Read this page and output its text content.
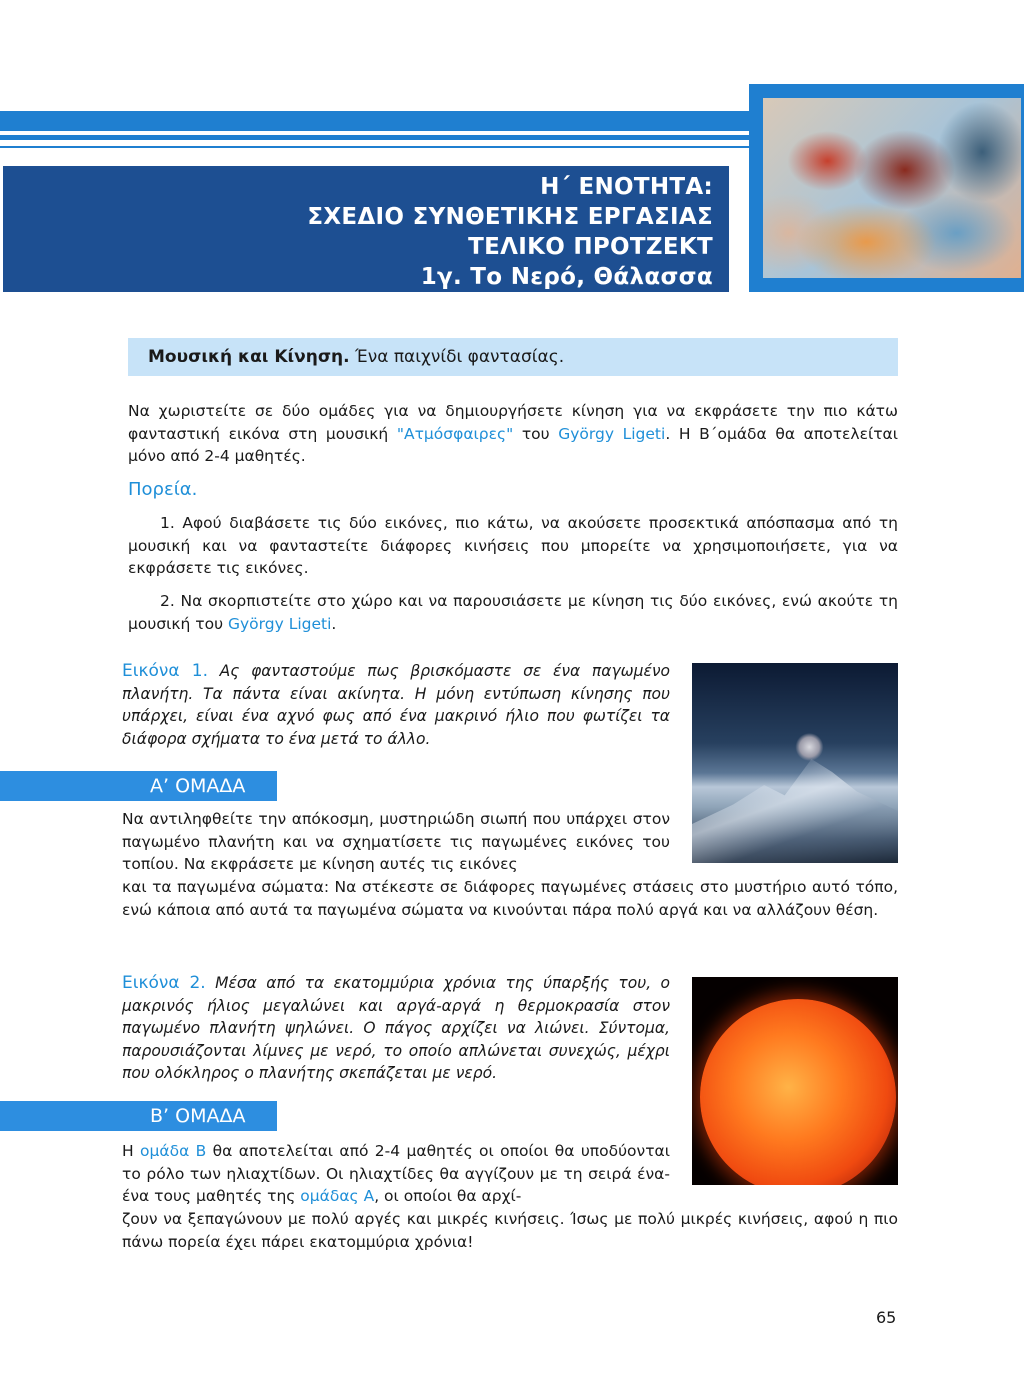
Η΄ ΕΝΟΤΗΤΑ:
ΣΧΕΔΙΟ ΣΥΝΘΕΤΙΚΗΣ ΕΡΓΑΣΙΑΣ
ΤΕΛΙΚΟ ΠΡΟΤΖΕΚΤ
1γ. Το Νερό, Θάλασσα
Μουσική και Κίνηση. Ένα παιχνίδι φαντασίας.
Να χωριστείτε σε δύο ομάδες για να δημιουργήσετε κίνηση για να εκφράσετε την πιο κάτω φανταστική εικόνα στη μουσική "Ατμόσφαιρες" του György Ligeti. Η Β΄ομάδα θα αποτελείται μόνο από 2-4 μαθητές.
Πορεία.
1. Αφού διαβάσετε τις δύο εικόνες, πιο κάτω, να ακούσετε προσεκτικά απόσπασμα από τη μουσική και να φανταστείτε διάφορες κινήσεις που μπορείτε να χρησιμοποιήσετε, για να εκφράσετε τις εικόνες.
2. Να σκορπιστείτε στο χώρο και να παρουσιάσετε με κίνηση τις δύο εικόνες, ενώ ακούτε τη μουσική του György Ligeti.
Εικόνα 1. Ας φανταστούμε πως βρισκόμαστε σε ένα παγωμένο πλανήτη. Τα πάντα είναι ακίνητα. Η μόνη εντύπωση κίνησης που υπάρχει, είναι ένα αχνό φως από ένα μακρινό ήλιο που φωτίζει τα διάφορα σχήματα το ένα μετά το άλλο.
Α’ ΟΜΑΔΑ
Να αντιληφθείτε την απόκοσμη, μυστηριώδη σιωπή που υπάρχει στον παγωμένο πλανήτη και να σχηματίσετε τις παγωμένες εικόνες του τοπίου. Να εκφράσετε με κίνηση αυτές τις εικόνες
και τα παγωμένα σώματα: Να στέκεστε σε διάφορες παγωμένες στάσεις στο μυστήριο αυτό τόπο, ενώ κάποια από αυτά τα παγωμένα σώματα να κινούνται πάρα πολύ αργά και να αλλάζουν θέση.
Εικόνα 2. Μέσα από τα εκατομμύρια χρόνια της ύπαρξής του, ο μακρινός ήλιος μεγαλώνει και αργά-αργά η θερμοκρασία στον παγωμένο πλανήτη ψηλώνει. Ο πάγος αρχίζει να λιώνει. Σύντομα, παρουσιάζονται λίμνες με νερό, το οποίο απλώνεται συνεχώς, μέχρι που ολόκληρος ο πλανήτης σκεπάζεται με νερό.
Β’ ΟΜΑΔΑ
Η ομάδα Β θα αποτελείται από 2-4 μαθητές οι οποίοι θα υποδύονται το ρόλο των ηλιαχτίδων. Οι ηλιαχτίδες θα αγγίζουν με τη σειρά ένα-ένα τους μαθητές της ομάδας Α, οι οποίοι θα αρχί-
ζουν να ξεπαγώνουν με πολύ αργές και μικρές κινήσεις. Ίσως με πολύ μικρές κινήσεις, αφού η πιο πάνω πορεία έχει πάρει εκατομμύρια χρόνια!
65
